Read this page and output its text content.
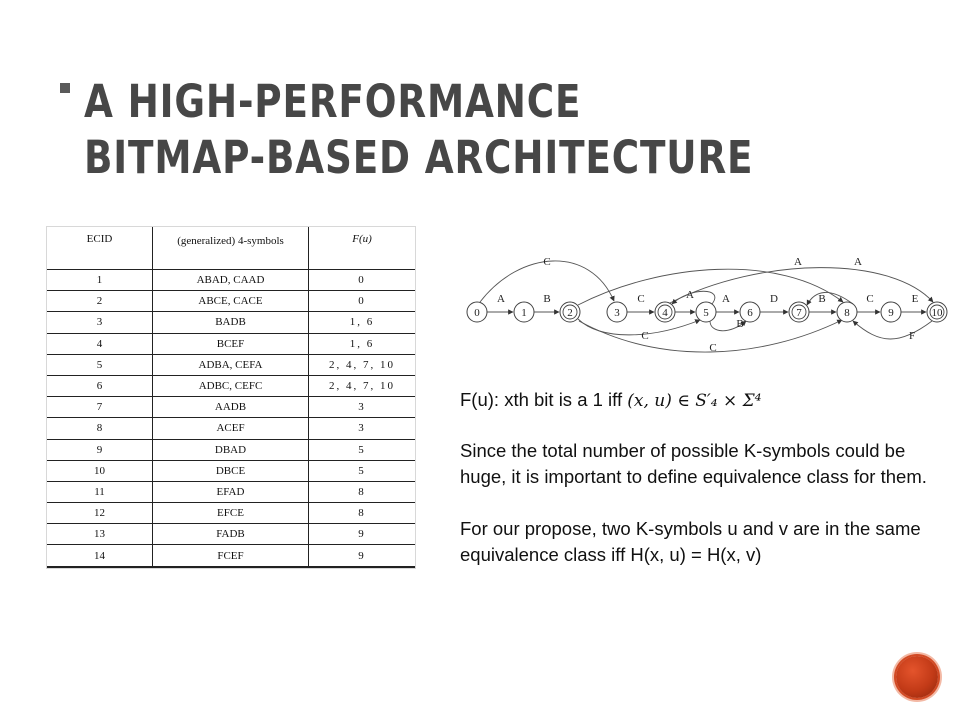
A HIGH-PERFORMANCE BITMAP-BASED ARCHITECTURE
ECID	(generalized) 4-symbols	F(u)
1	ABAD, CAAD	0
2	ABCE, CACE	0
3	BADB	1, 6
4	BCEF	1, 6
5	ADBA, CEFA	2, 4, 7, 10
6	ADBC, CEFC	2, 4, 7, 10
7	AADB	3
8	ACEF	3
9	DBAD	5
10	DBCE	5
11	EFAD	8
12	EFCE	8
13	FADB	9
14	FCEF	9
0	1	2	3	4	5	6	7	8	9	10
A	B	C	A	A	D	B	C	E
F
C	A	A
C
B
C

F(u): xth bit is a 1 iff (x, u) ∈ S′₄ × Σ⁴

Since the total number of possible K-symbols could be huge, it is important to define equivalence class for them.

For our propose, two K-symbols u and v are in the same equivalence class iff H(x, u) = H(x, v)
